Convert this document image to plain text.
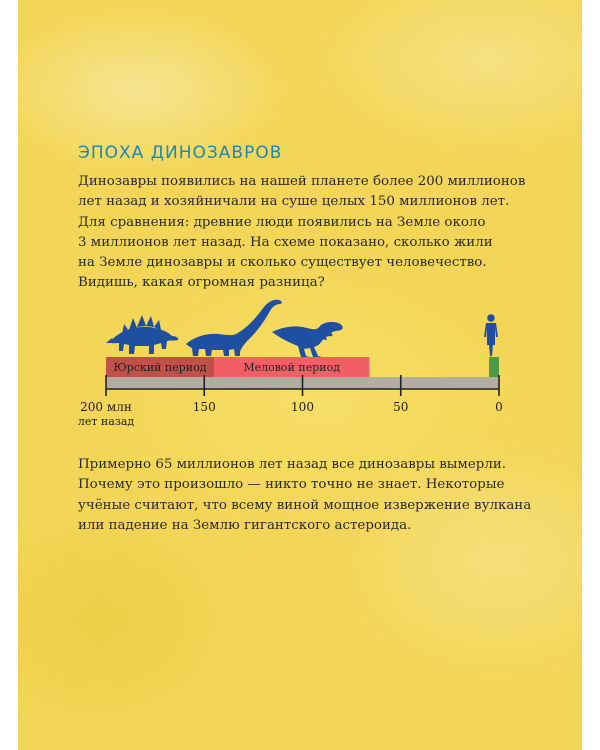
ЭПОХА ДИНОЗАВРОВ
Динозавры появились на нашей планете более 200 миллионов
лет назад и хозяйничали на суше целых 150 миллионов лет.
Для сравнения: древние люди появились на Земле около
3 миллионов лет назад. На схеме показано, сколько жили
на Земле динозавры и сколько существует человечество.
Видишь, какая огромная разница?
Юрский период	Меловой период
200 млн
лет назад
150	100	50	0
Примерно 65 миллионов лет назад все динозавры вымерли.
Почему это произошло — никто точно не знает. Некоторые
учёные считают, что всему виной мощное извержение вулкана
или падение на Землю гигантского астероида.
